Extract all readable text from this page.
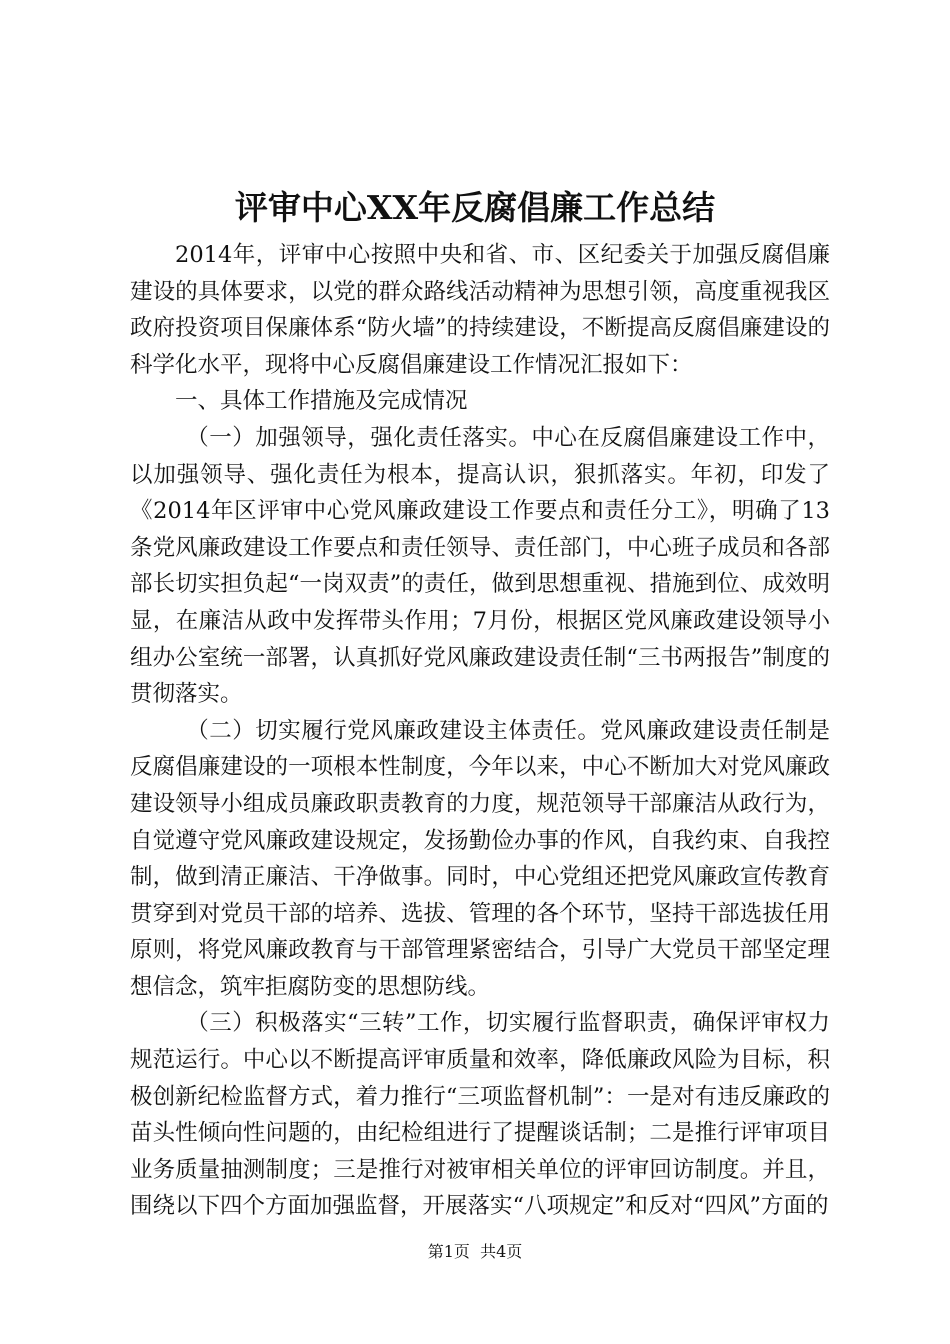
评审中心XX年反腐倡廉工作总结

2014年，评审中心按照中央和省、市、区纪委关于加强反腐倡廉建设的具体要求，以党的群众路线活动精神为思想引领，高度重视我区政府投资项目保廉体系“防火墙”的持续建设，不断提高反腐倡廉建设的科学化水平，现将中心反腐倡廉建设工作情况汇报如下：

一、具体工作措施及完成情况

（一）加强领导，强化责任落实。中心在反腐倡廉建设工作中，以加强领导、强化责任为根本，提高认识，狠抓落实。年初，印发了《2014年区评审中心党风廉政建设工作要点和责任分工》，明确了13条党风廉政建设工作要点和责任领导、责任部门，中心班子成员和各部部长切实担负起“一岗双责”的责任，做到思想重视、措施到位、成效明显，在廉洁从政中发挥带头作用；7月份，根据区党风廉政建设领导小组办公室统一部署，认真抓好党风廉政建设责任制“三书两报告”制度的贯彻落实。

（二）切实履行党风廉政建设主体责任。党风廉政建设责任制是反腐倡廉建设的一项根本性制度，今年以来，中心不断加大对党风廉政建设领导小组成员廉政职责教育的力度，规范领导干部廉洁从政行为，自觉遵守党风廉政建设规定，发扬勤俭办事的作风，自我约束、自我控制，做到清正廉洁、干净做事。同时，中心党组还把党风廉政宣传教育贯穿到对党员干部的培养、选拔、管理的各个环节，坚持干部选拔任用原则，将党风廉政教育与干部管理紧密结合，引导广大党员干部坚定理想信念，筑牢拒腐防变的思想防线。

（三）积极落实“三转”工作，切实履行监督职责，确保评审权力规范运行。中心以不断提高评审质量和效率，降低廉政风险为目标，积极创新纪检监督方式，着力推行“三项监督机制”：一是对有违反廉政的苗头性倾向性问题的，由纪检组进行了提醒谈话制；二是推行评审项目业务质量抽测制度；三是推行对被审相关单位的评审回访制度。并且，围绕以下四个方面加强监督，开展落实“八项规定”和反对“四风”方面的

第1页 共4页
